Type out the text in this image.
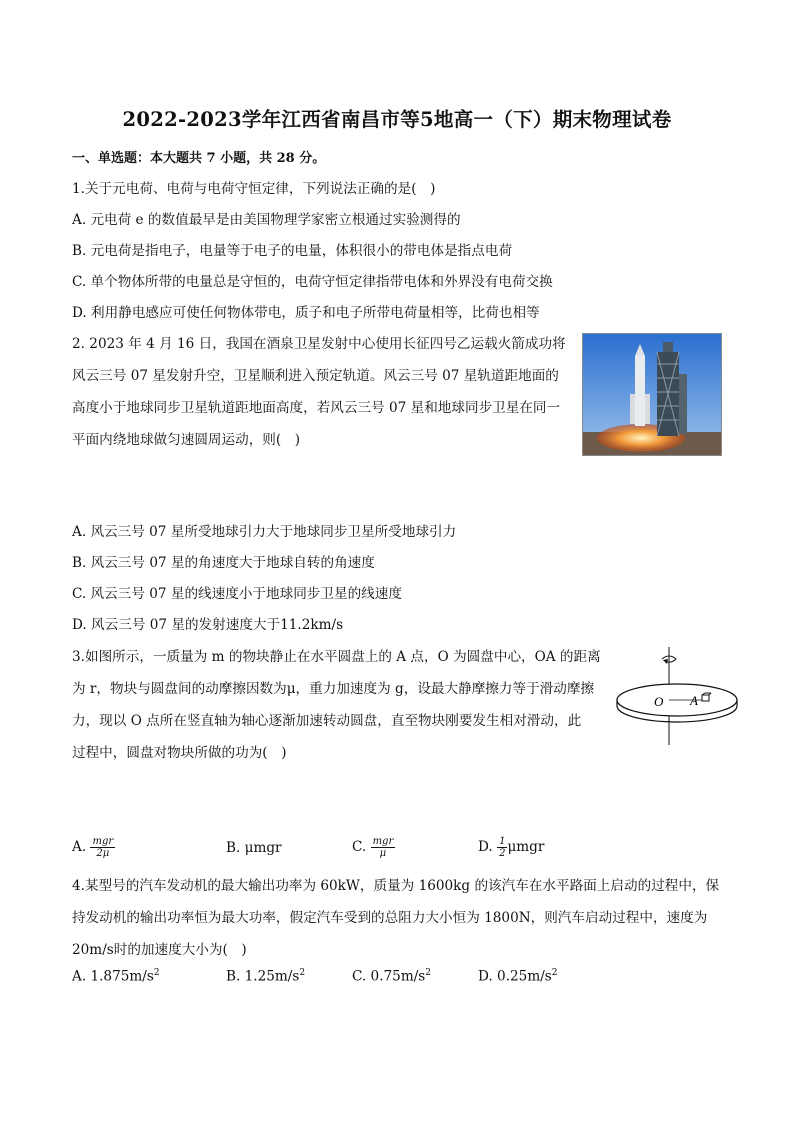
2022-2023学年江西省南昌市等5地高一（下）期末物理试卷
一、单选题：本大题共 7 小题，共 28 分。
1.关于元电荷、电荷与电荷守恒定律，下列说法正确的是(　)
A. 元电荷 e 的数值最早是由美国物理学家密立根通过实验测得的
B. 元电荷是指电子，电量等于电子的电量，体积很小的带电体是指点电荷
C. 单个物体所带的电量总是守恒的，电荷守恒定律指带电体和外界没有电荷交换
D. 利用静电感应可使任何物体带电，质子和电子所带电荷量相等，比荷也相等
2. 2023 年 4 月 16 日，我国在酒泉卫星发射中心使用长征四号乙运载火箭成功将
风云三号 07 星发射升空，卫星顺利进入预定轨道。风云三号 07 星轨道距地面的
高度小于地球同步卫星轨道距地面高度，若风云三号 07 星和地球同步卫星在同一
平面内绕地球做匀速圆周运动，则(　)
A. 风云三号 07 星所受地球引力大于地球同步卫星所受地球引力
B. 风云三号 07 星的角速度大于地球自转的角速度
C. 风云三号 07 星的线速度小于地球同步卫星的线速度
D. 风云三号 07 星的发射速度大于11.2km/s
3.如图所示，一质量为 m 的物块静止在水平圆盘上的 A 点，O 为圆盘中心，OA 的距离
为 r，物块与圆盘间的动摩擦因数为μ，重力加速度为 g，设最大静摩擦力等于滑动摩擦
力，现以 O 点所在竖直轴为轴心逐渐加速转动圆盘，直至物块刚要发生相对滑动，此
过程中，圆盘对物块所做的功为(　)
O A
A. $\frac{\text{mgr}}{2\mu}$	B. μmgr	C. $\frac{\text{mgr}}{\mu}$	D. $\frac{1}{2}$ μmgr
4.某型号的汽车发动机的最大输出功率为 60kW，质量为 1600kg 的该汽车在水平路面上启动的过程中，保
持发动机的输出功率恒为最大功率，假定汽车受到的总阻力大小恒为 1800N，则汽车启动过程中，速度为
20m/s时的加速度大小为(　)
A. $1.875m/s^2$	B. $1.25m/s^2$	C. $0.75m/s^2$	D. $0.25m/s^2$
